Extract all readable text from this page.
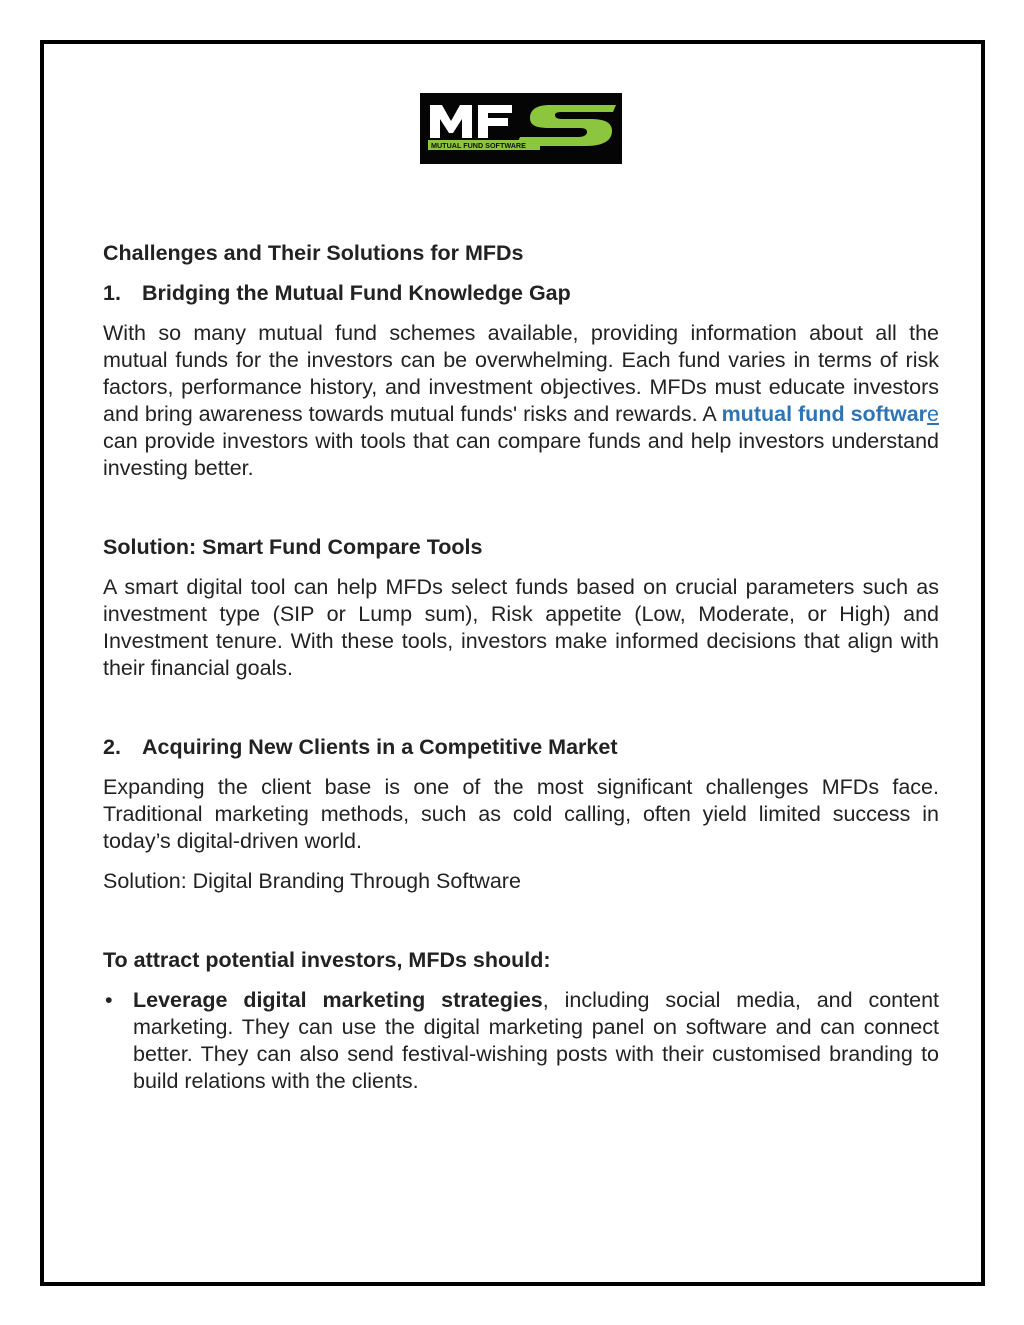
MUTUAL FUND SOFTWARE
Challenges and Their Solutions for MFDs
1. Bridging the Mutual Fund Knowledge Gap

With so many mutual fund schemes available, providing information about all the mutual funds for the investors can be overwhelming. Each fund varies in terms of risk factors, performance history, and investment objectives. MFDs must educate investors and bring awareness towards mutual funds' risks and rewards. A mutual fund software can provide investors with tools that can compare funds and help investors understand investing better.

Solution: Smart Fund Compare Tools

A smart digital tool can help MFDs select funds based on crucial parameters such as investment type (SIP or Lump sum), Risk appetite (Low, Moderate, or High) and Investment tenure. With these tools, investors make informed decisions that align with their financial goals.

2. Acquiring New Clients in a Competitive Market

Expanding the client base is one of the most significant challenges MFDs face. Traditional marketing methods, such as cold calling, often yield limited success in today’s digital-driven world.

Solution: Digital Branding Through Software

To attract potential investors, MFDs should:
• Leverage digital marketing strategies, including social media, and content marketing. They can use the digital marketing panel on software and can connect better. They can also send festival-wishing posts with their customised branding to build relations with the clients.
